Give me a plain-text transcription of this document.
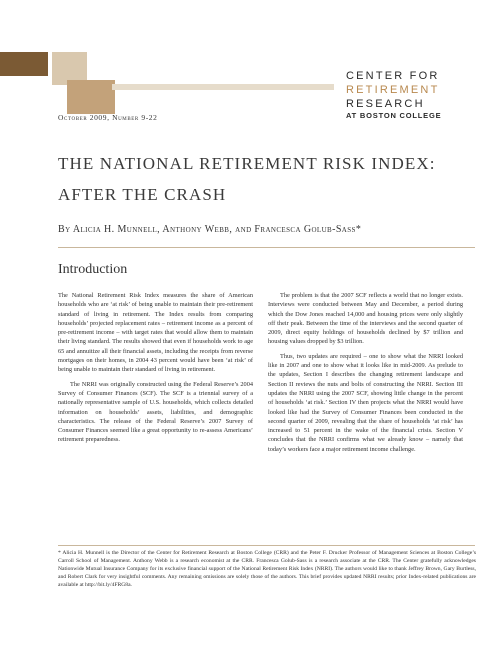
CENTER FOR
RETIREMENT
RESEARCH
AT BOSTON COLLEGE
October 2009, Number 9-22
THE NATIONAL RETIREMENT RISK INDEX:
AFTER THE CRASH
By Alicia H. Munnell, Anthony Webb, and Francesca Golub-Sass*
Introduction

The National Retirement Risk Index measures the share of American households who are ‘at risk’ of being unable to maintain their pre-retirement standard of living in retirement. The Index results from comparing households’ projected replacement rates – retirement income as a percent of pre-retirement income – with target rates that would allow them to maintain their living standard. The results showed that even if households work to age 65 and annuitize all their financial assets, including the receipts from reverse mortgages on their homes, in 2004 43 percent would have been ‘at risk’ of being unable to maintain their standard of living in retirement.

The NRRI was originally constructed using the Federal Reserve’s 2004 Survey of Consumer Finances (SCF). The SCF is a triennial survey of a nationally representative sample of U.S. households, which collects detailed information on households’ assets, liabilities, and demographic characteristics. The release of the Federal Reserve’s 2007 Survey of Consumer Finances seemed like a great opportunity to re-assess Americans’ retirement preparedness.

The problem is that the 2007 SCF reflects a world that no longer exists. Interviews were conducted between May and December, a period during which the Dow Jones reached 14,000 and housing prices were only slightly off their peak. Between the time of the interviews and the second quarter of 2009, direct equity holdings of households declined by $7 trillion and housing values dropped by $3 trillion.

Thus, two updates are required – one to show what the NRRI looked like in 2007 and one to show what it looks like in mid-2009. As prelude to the updates, Section I describes the changing retirement landscape and Section II reviews the nuts and bolts of constructing the NRRI. Section III updates the NRRI using the 2007 SCF, showing little change in the percent of households ‘at risk.’ Section IV then projects what the NRRI would have looked like had the Survey of Consumer Finances been conducted in the second quarter of 2009, revealing that the share of households ‘at risk’ has increased to 51 percent in the wake of the financial crisis. Section V concludes that the NRRI confirms what we already know – namely that today’s workers face a major retirement income challenge.

* Alicia H. Munnell is the Director of the Center for Retirement Research at Boston College (CRR) and the Peter F. Drucker Professor of Management Sciences at Boston College’s Carroll School of Management. Anthony Webb is a research economist at the CRR. Francesca Golub-Sass is a research associate at the CRR. The Center gratefully acknowledges Nationwide Mutual Insurance Company for its exclusive financial support of the National Retirement Risk Index (NRRI). The authors would like to thank Jeffrey Brown, Gary Burtless, and Robert Clark for very insightful comments. Any remaining omissions are solely those of the authors. This brief provides updated NRRI results; prior Index-related publications are available at http://bit.ly/4FRG8a.
